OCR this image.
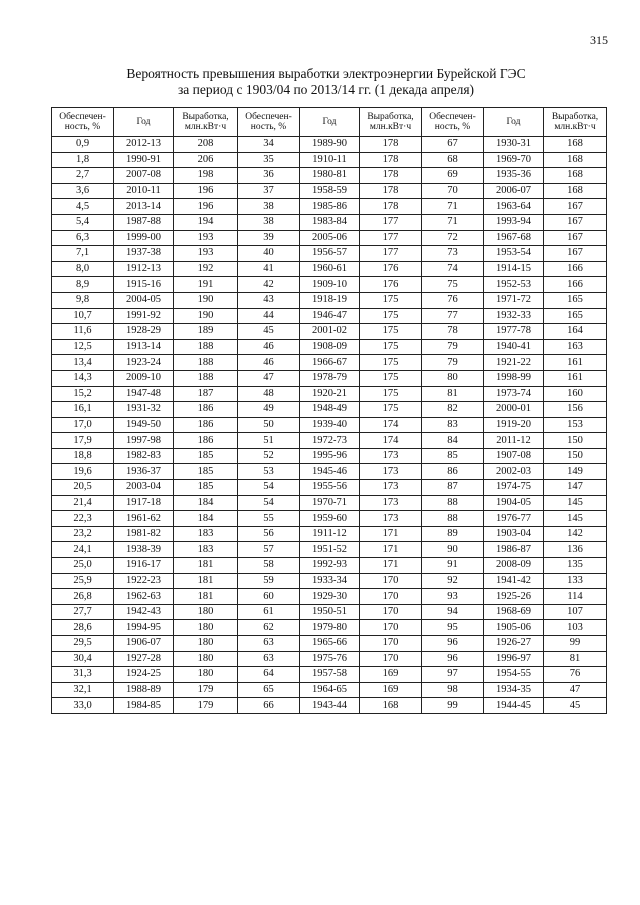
315
Вероятность превышения выработки электроэнергии Бурейской ГЭС
за период с 1903/04 по 2013/14 гг. (1 декада апреля)
Обеспечен-ность, %	Год	Выработка, млн.кВт·ч	Обеспечен-ность, %	Год	Выработка, млн.кВт·ч	Обеспечен-ность, %	Год	Выработка, млн.кВт·ч
0,9	2012-13	208	34	1989-90	178	67	1930-31	168
1,8	1990-91	206	35	1910-11	178	68	1969-70	168
2,7	2007-08	198	36	1980-81	178	69	1935-36	168
3,6	2010-11	196	37	1958-59	178	70	2006-07	168
4,5	2013-14	196	38	1985-86	178	71	1963-64	167
5,4	1987-88	194	38	1983-84	177	71	1993-94	167
6,3	1999-00	193	39	2005-06	177	72	1967-68	167
7,1	1937-38	193	40	1956-57	177	73	1953-54	167
8,0	1912-13	192	41	1960-61	176	74	1914-15	166
8,9	1915-16	191	42	1909-10	176	75	1952-53	166
9,8	2004-05	190	43	1918-19	175	76	1971-72	165
10,7	1991-92	190	44	1946-47	175	77	1932-33	165
11,6	1928-29	189	45	2001-02	175	78	1977-78	164
12,5	1913-14	188	46	1908-09	175	79	1940-41	163
13,4	1923-24	188	46	1966-67	175	79	1921-22	161
14,3	2009-10	188	47	1978-79	175	80	1998-99	161
15,2	1947-48	187	48	1920-21	175	81	1973-74	160
16,1	1931-32	186	49	1948-49	175	82	2000-01	156
17,0	1949-50	186	50	1939-40	174	83	1919-20	153
17,9	1997-98	186	51	1972-73	174	84	2011-12	150
18,8	1982-83	185	52	1995-96	173	85	1907-08	150
19,6	1936-37	185	53	1945-46	173	86	2002-03	149
20,5	2003-04	185	54	1955-56	173	87	1974-75	147
21,4	1917-18	184	54	1970-71	173	88	1904-05	145
22,3	1961-62	184	55	1959-60	173	88	1976-77	145
23,2	1981-82	183	56	1911-12	171	89	1903-04	142
24,1	1938-39	183	57	1951-52	171	90	1986-87	136
25,0	1916-17	181	58	1992-93	171	91	2008-09	135
25,9	1922-23	181	59	1933-34	170	92	1941-42	133
26,8	1962-63	181	60	1929-30	170	93	1925-26	114
27,7	1942-43	180	61	1950-51	170	94	1968-69	107
28,6	1994-95	180	62	1979-80	170	95	1905-06	103
29,5	1906-07	180	63	1965-66	170	96	1926-27	99
30,4	1927-28	180	63	1975-76	170	96	1996-97	81
31,3	1924-25	180	64	1957-58	169	97	1954-55	76
32,1	1988-89	179	65	1964-65	169	98	1934-35	47
33,0	1984-85	179	66	1943-44	168	99	1944-45	45
